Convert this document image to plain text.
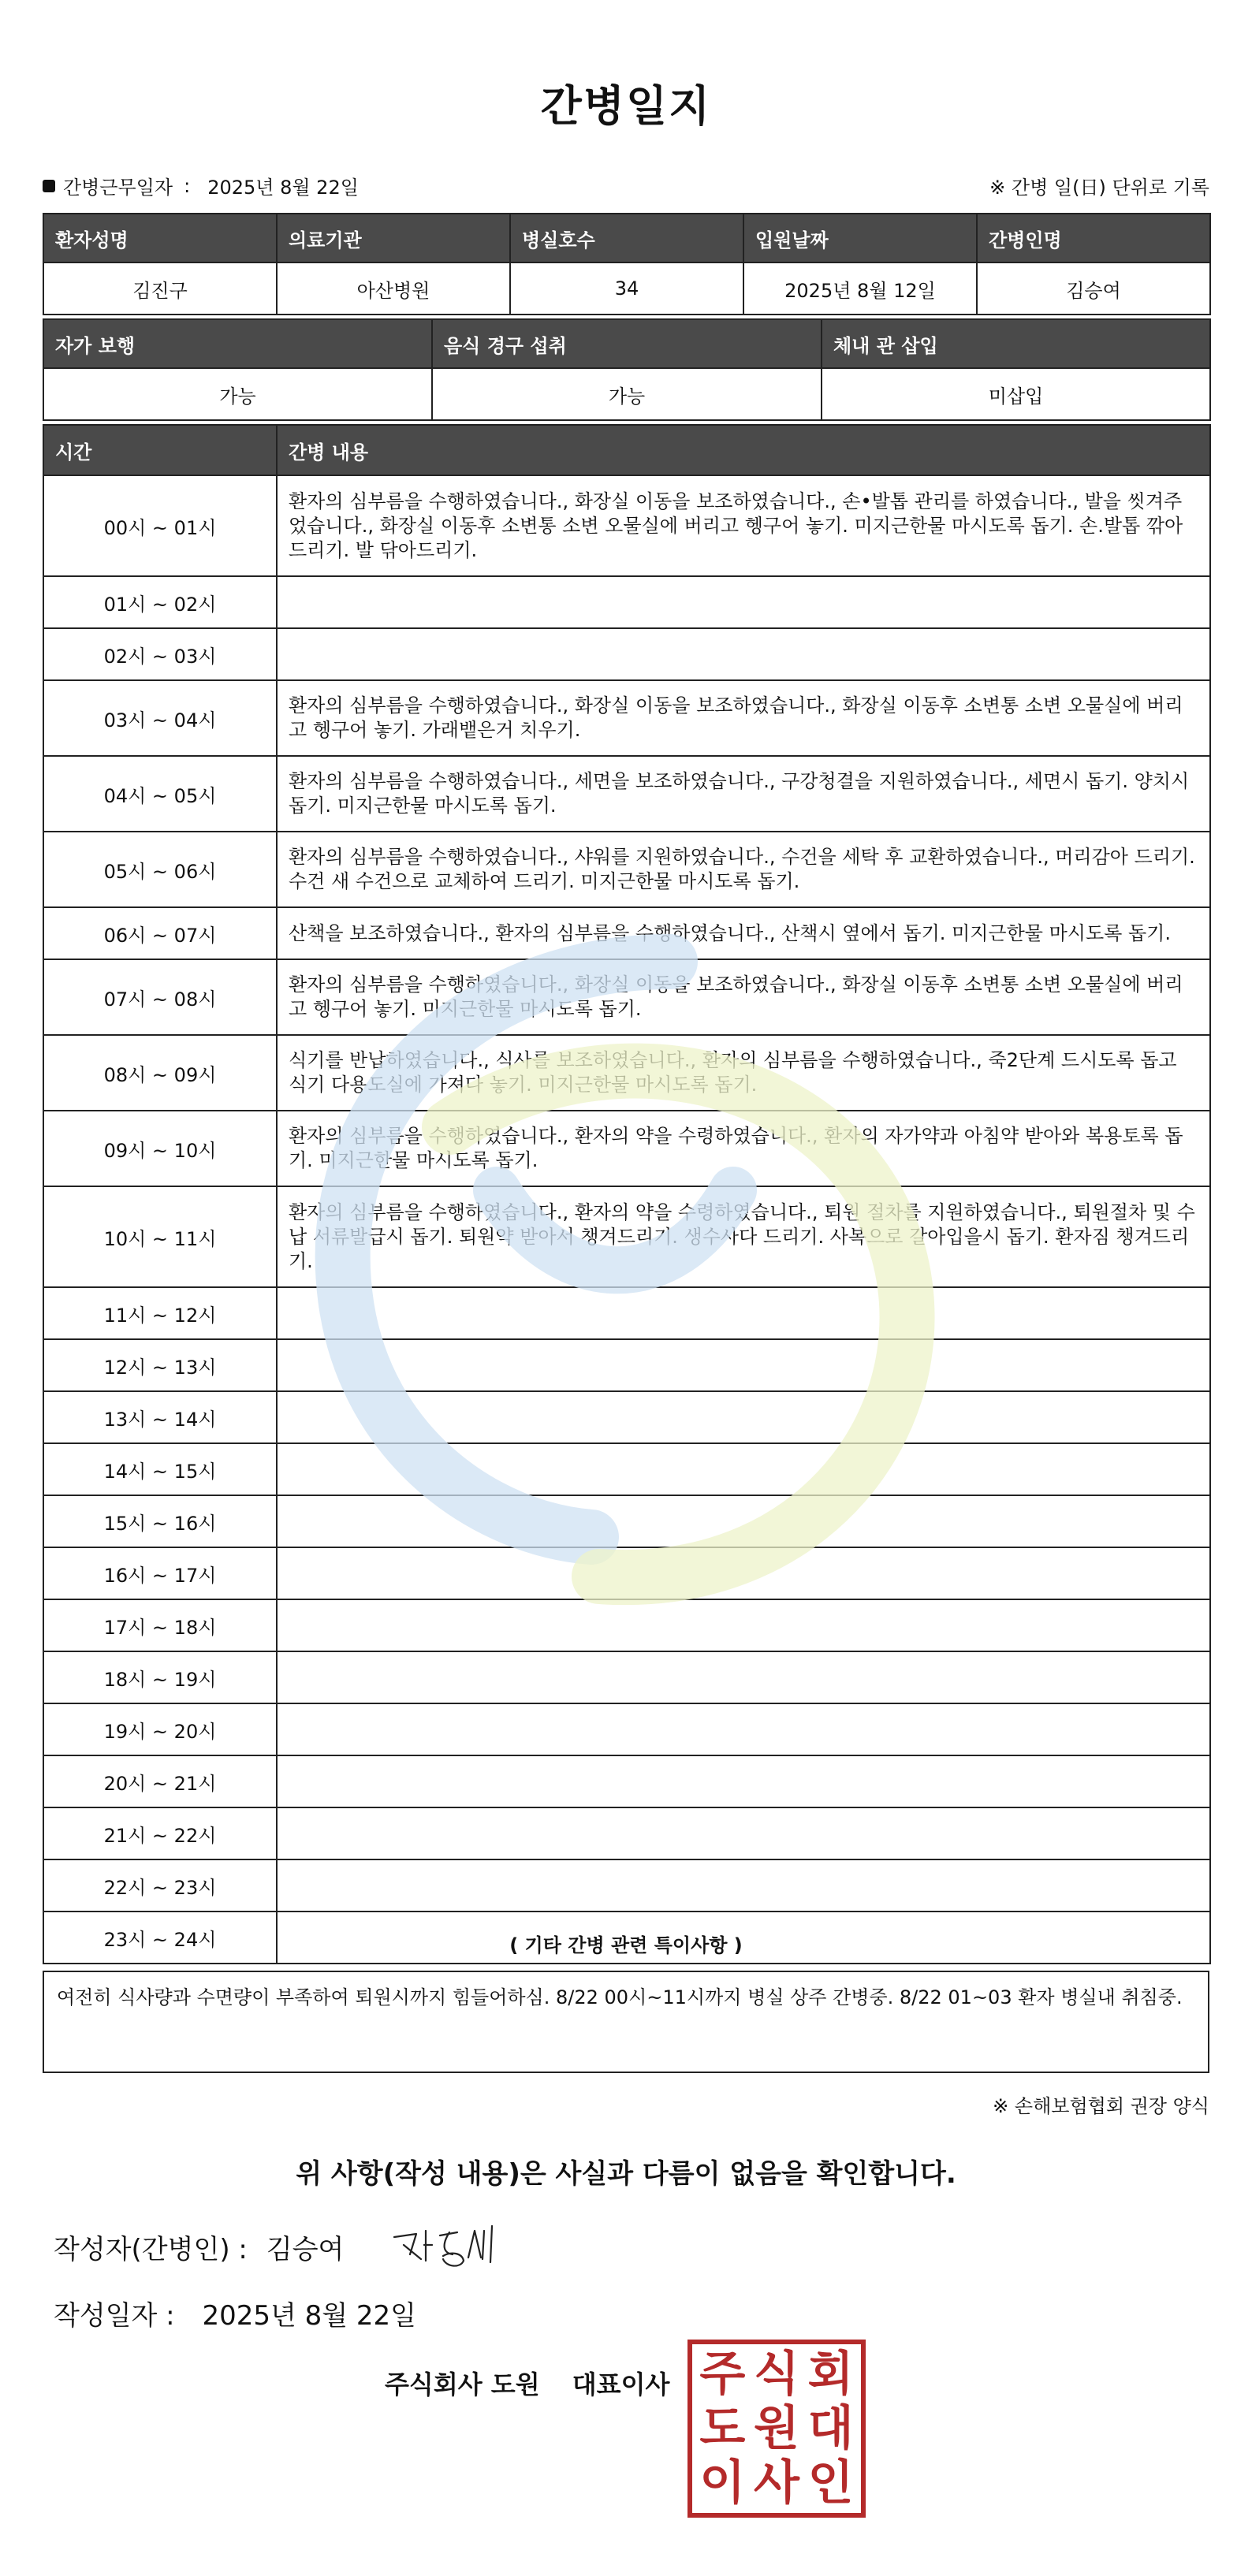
간병일지
간병근무일자 : 2025년 8월 22일	※ 간병 일(日) 단위로 기록
환자성명	의료기관	병실호수	입원날짜	간병인명
김진구	아산병원	34	2025년 8월 12일	김승여
자가 보행	음식 경구 섭취	체내 관 삽입
가능	가능	미삽입
시간	간병 내용
00시 ~ 01시	환자의 심부름을 수행하였습니다., 화장실 이동을 보조하였습니다., 손•발톱 관리를 하였습니다., 발을 씻겨주었습니다., 화장실 이동후 소변통 소변 오물실에 버리고 헹구어 놓기. 미지근한물 마시도록 돕기. 손.발톱 깎아 드리기. 발 닦아드리기.
01시 ~ 02시	
02시 ~ 03시	
03시 ~ 04시	환자의 심부름을 수행하였습니다., 화장실 이동을 보조하였습니다., 화장실 이동후 소변통 소변 오물실에 버리고 헹구어 놓기. 가래뱉은거 치우기.
04시 ~ 05시	환자의 심부름을 수행하였습니다., 세면을 보조하였습니다., 구강청결을 지원하였습니다., 세면시 돕기. 양치시 돕기. 미지근한물 마시도록 돕기.
05시 ~ 06시	환자의 심부름을 수행하였습니다., 샤워를 지원하였습니다., 수건을 세탁 후 교환하였습니다., 머리감아 드리기. 수건 새 수건으로 교체하여 드리기. 미지근한물 마시도록 돕기.
06시 ~ 07시	산책을 보조하였습니다., 환자의 심부름을 수행하였습니다., 산책시 옆에서 돕기. 미지근한물 마시도록 돕기.
07시 ~ 08시	환자의 심부름을 수행하였습니다., 화장실 이동을 보조하였습니다., 화장실 이동후 소변통 소변 오물실에 버리고 헹구어 놓기. 미지근한물 마시도록 돕기.
08시 ~ 09시	식기를 반납하였습니다., 식사를 보조하였습니다., 환자의 심부름을 수행하였습니다., 죽2단계 드시도록 돕고 식기 다용도실에 가져다 놓기. 미지근한물 마시도록 돕기.
09시 ~ 10시	환자의 심부름을 수행하였습니다., 환자의 약을 수령하였습니다., 환자의 자가약과 아침약 받아와 복용토록 돕기. 미지근한물 마시도록 돕기.
10시 ~ 11시	환자의 심부름을 수행하였습니다., 환자의 약을 수령하였습니다., 퇴원 절차를 지원하였습니다., 퇴원절차 및 수납 서류발급시 돕기. 퇴원약 받아서 챙겨드리기. 생수사다 드리기. 사복으로 갈아입을시 돕기. 환자짐 챙겨드리기.
11시 ~ 12시	
12시 ~ 13시	
13시 ~ 14시	
14시 ~ 15시	
15시 ~ 16시	
16시 ~ 17시	
17시 ~ 18시	
18시 ~ 19시	
19시 ~ 20시	
20시 ~ 21시	
21시 ~ 22시	
22시 ~ 23시	
23시 ~ 24시		( 기타 간병 관련 특이사항 )
여전히 식사량과 수면량이 부족하여 퇴원시까지 힘들어하심. 8/22 00시~11시까지 병실 상주 간병중. 8/22 01~03 환자 병실내 취침중.
※ 손해보험협회 권장 양식
위 사항(작성 내용)은 사실과 다름이 없음을 확인합니다.
작성자(간병인) : 김승여
작성일자 : 2025년 8월 22일
주식회사 도원 대표이사 주 식 회
도 원 대
이 사 인
